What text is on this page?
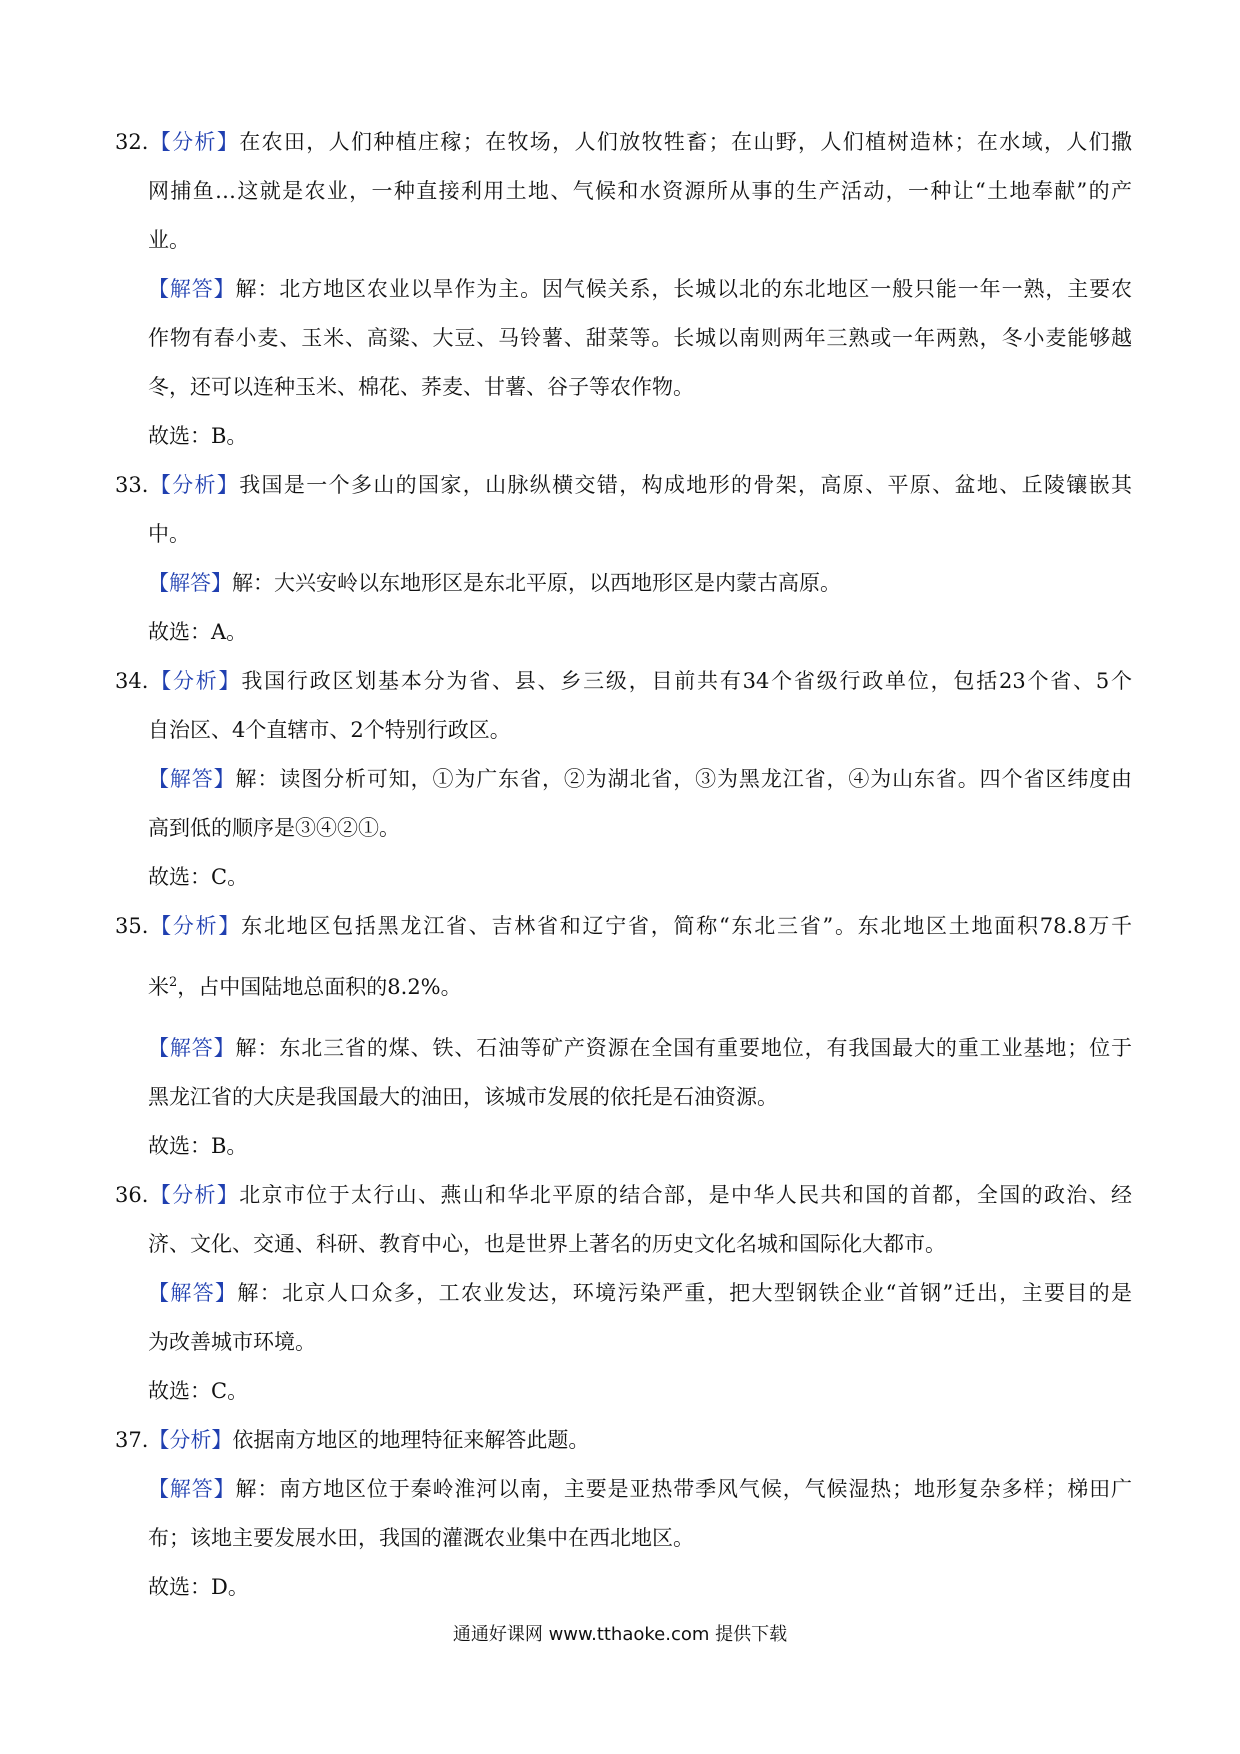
32.【分析】在农田，人们种植庄稼；在牧场，人们放牧牲畜；在山野，人们植树造林；在水域，人们撒
网捕鱼…这就是农业，一种直接利用土地、气候和水资源所从事的生产活动，一种让“土地奉献”的产
业。
【解答】解：北方地区农业以旱作为主。因气候关系，长城以北的东北地区一般只能一年一熟，主要农
作物有春小麦、玉米、高粱、大豆、马铃薯、甜菜等。长城以南则两年三熟或一年两熟，冬小麦能够越
冬，还可以连种玉米、棉花、荞麦、甘薯、谷子等农作物。
故选：B。
33.【分析】我国是一个多山的国家，山脉纵横交错，构成地形的骨架，高原、平原、盆地、丘陵镶嵌其
中。
【解答】解：大兴安岭以东地形区是东北平原，以西地形区是内蒙古高原。
故选：A。
34.【分析】我国行政区划基本分为省、县、乡三级，目前共有34个省级行政单位，包括23个省、5个
自治区、4个直辖市、2个特别行政区。
【解答】解：读图分析可知，①为广东省，②为湖北省，③为黑龙江省，④为山东省。四个省区纬度由
高到低的顺序是③④②①。
故选：C。
35.【分析】东北地区包括黑龙江省、吉林省和辽宁省，简称“东北三省”。东北地区土地面积78.8万千
米$^2$，占中国陆地总面积的8.2%。
【解答】解：东北三省的煤、铁、石油等矿产资源在全国有重要地位，有我国最大的重工业基地；位于
黑龙江省的大庆是我国最大的油田，该城市发展的依托是石油资源。
故选：B。
36.【分析】北京市位于太行山、燕山和华北平原的结合部，是中华人民共和国的首都，全国的政治、经
济、文化、交通、科研、教育中心，也是世界上著名的历史文化名城和国际化大都市。
【解答】解：北京人口众多，工农业发达，环境污染严重，把大型钢铁企业“首钢”迁出，主要目的是
为改善城市环境。
故选：C。
37.【分析】依据南方地区的地理特征来解答此题。
【解答】解：南方地区位于秦岭淮河以南，主要是亚热带季风气候，气候湿热；地形复杂多样；梯田广
布；该地主要发展水田，我国的灌溉农业集中在西北地区。
故选：D。
通通好课网 www.tthaoke.com 提供下载
